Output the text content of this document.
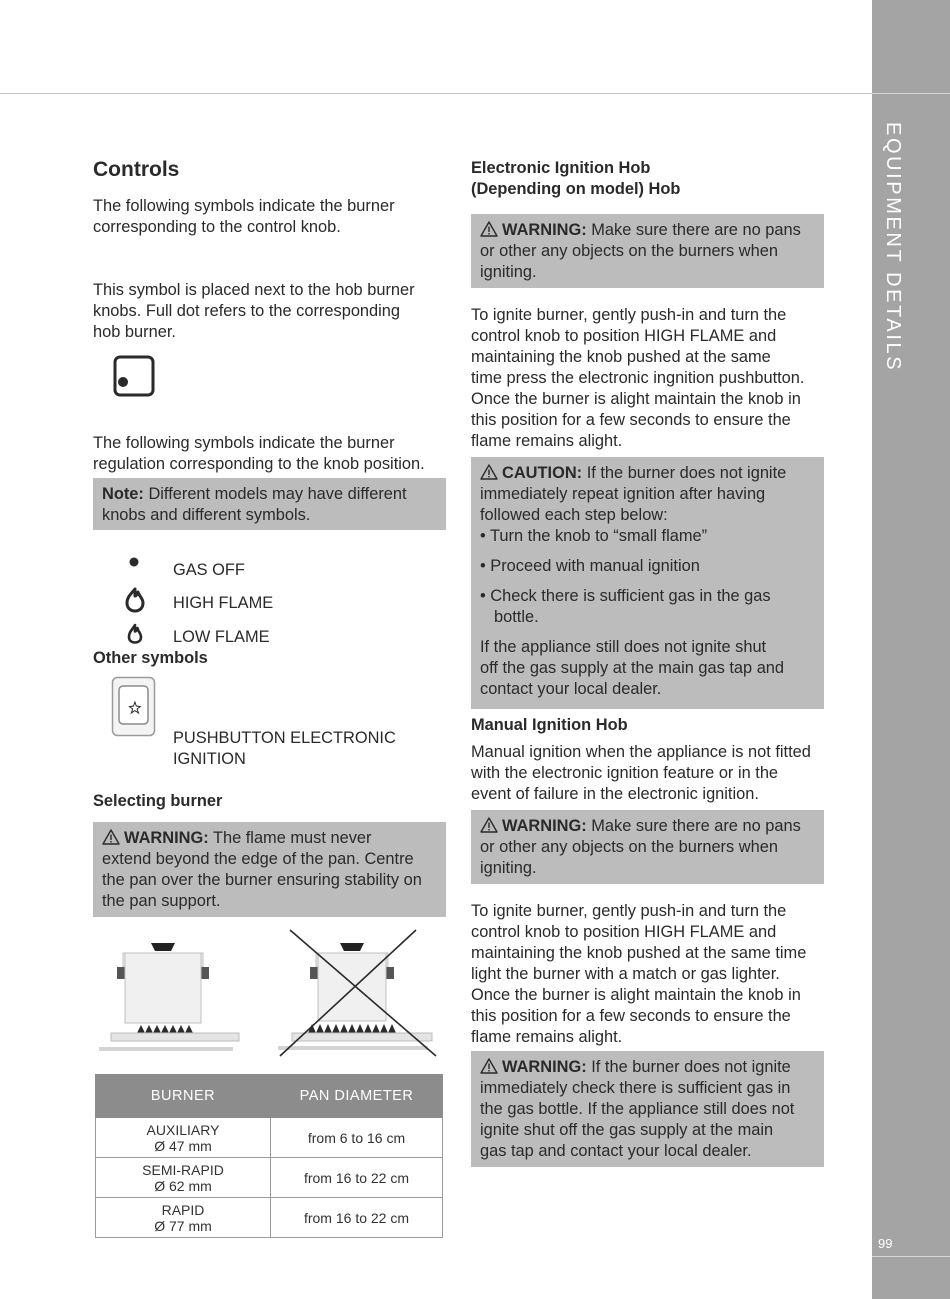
EQUIPMENT DETAILS
99
Controls
The following symbols indicate the burner
corresponding to the control knob.
This symbol is placed next to the hob burner
knobs. Full dot refers to the corresponding
hob burner.
The following symbols indicate the burner
regulation corresponding to the knob position.
Note: Different models may have different
knobs and different symbols.
GAS OFF
HIGH FLAME
LOW FLAME
Other symbols
PUSHBUTTON ELECTRONIC
IGNITION
Selecting burner
WARNING: The flame must never
extend beyond the edge of the pan. Centre
the pan over the burner ensuring stability on
the pan support.
BURNER	PAN DIAMETER

AUXILIARY
Ø 47 mm	from 6 to 16 cm

SEMI-RAPID
Ø 62 mm	from 16 to 22 cm

RAPID
Ø 77 mm	from 16 to 22 cm
Electronic Ignition Hob
(Depending on model) Hob
WARNING: Make sure there are no pans
or other any objects on the burners when
igniting.
To ignite burner, gently push-in and turn the
control knob to position HIGH FLAME and
maintaining the knob pushed at the same
time press the electronic ingnition pushbutton.
Once the burner is alight maintain the knob in
this position for a few seconds to ensure the
flame remains alight.
CAUTION: If the burner does not ignite
immediately repeat ignition after having
followed each step below:
• Turn the knob to “small flame”
• Proceed with manual ignition
• Check there is sufficient gas in the gas
bottle.
If the appliance still does not ignite shut
off the gas supply at the main gas tap and
contact your local dealer.
Manual Ignition Hob
Manual ignition when the appliance is not fitted
with the electronic ignition feature or in the
event of failure in the electronic ignition.
WARNING: Make sure there are no pans
or other any objects on the burners when
igniting.
To ignite burner, gently push-in and turn the
control knob to position HIGH FLAME and
maintaining the knob pushed at the same time
light the burner with a match or gas lighter.
Once the burner is alight maintain the knob in
this position for a few seconds to ensure the
flame remains alight.
WARNING: If the burner does not ignite
immediately check there is sufficient gas in
the gas bottle. If the appliance still does not
ignite shut off the gas supply at the main
gas tap and contact your local dealer.
